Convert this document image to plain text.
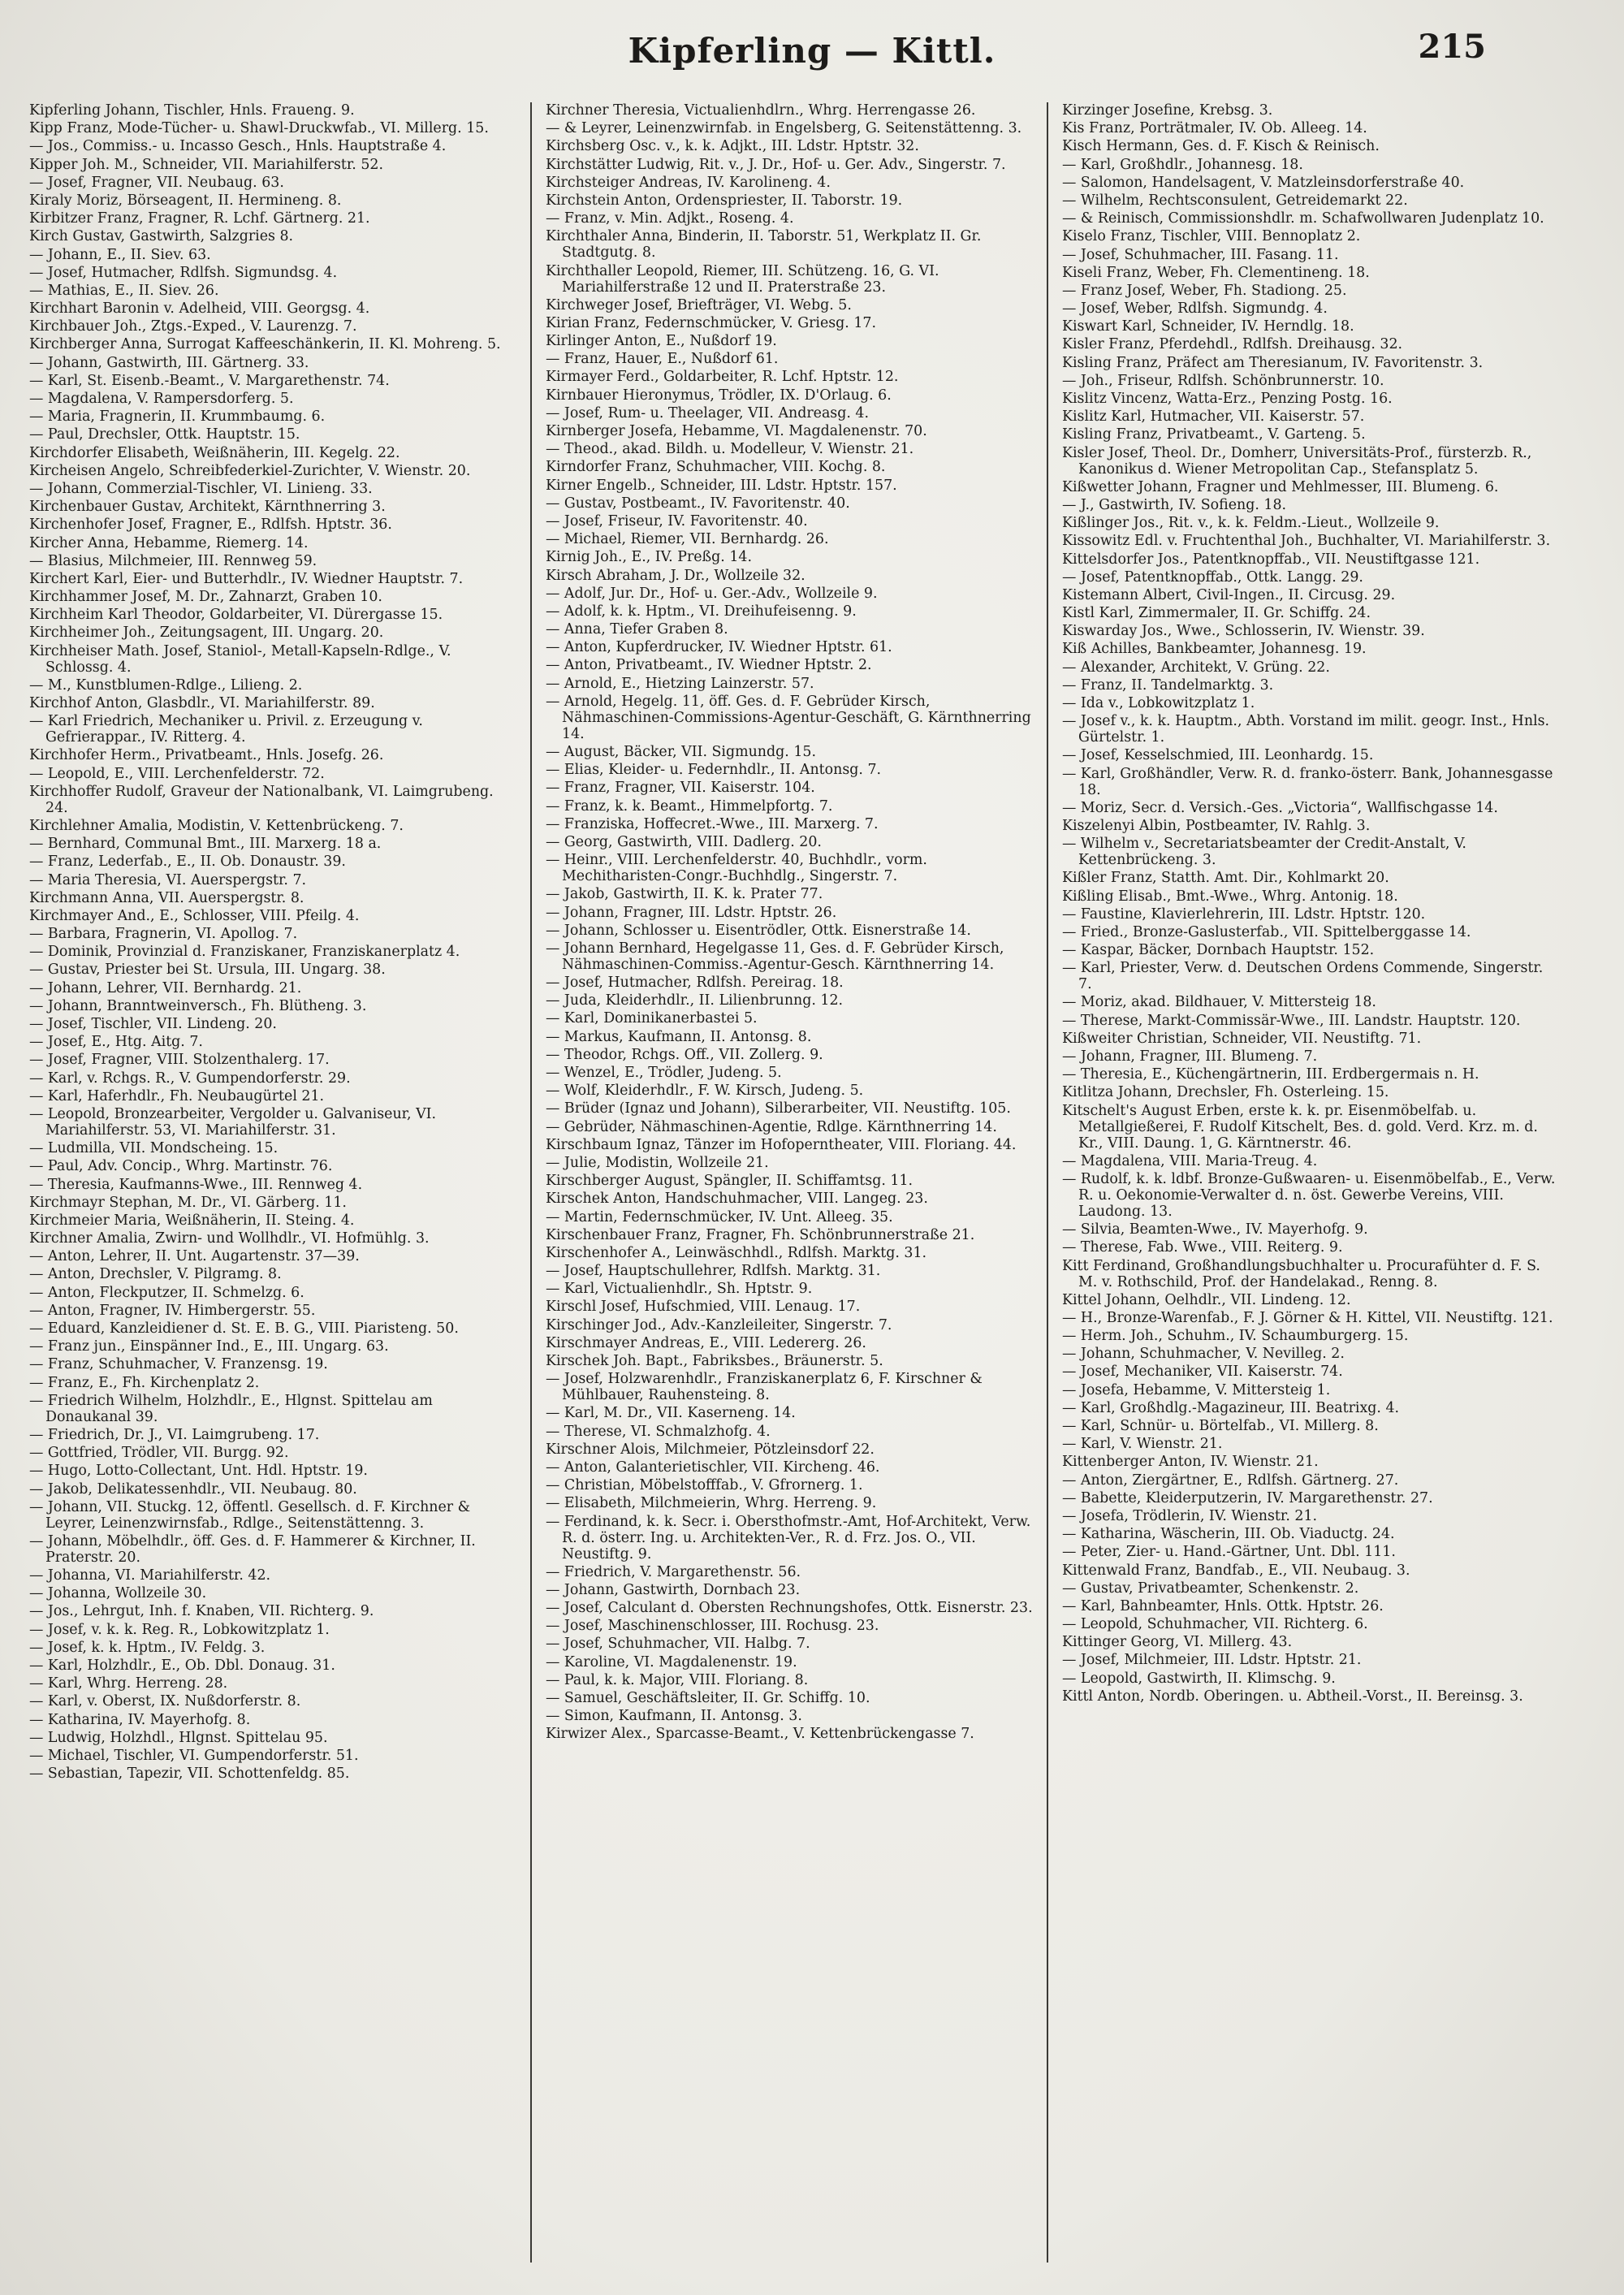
Kipferling — Kittl.	215
Kipferling Johann, Tischler, Hnls. Fraueng. 9.
Kipp Franz, Mode-Tücher- u. Shawl-Druckwfab., VI. Millerg. 15.
— Jos., Commiss.- u. Incasso Gesch., Hnls. Hauptstraße 4.
Kipper Joh. M., Schneider, VII. Mariahilferstr. 52.
— Josef, Fragner, VII. Neubaug. 63.
Kiraly Moriz, Börseagent, II. Hermineng. 8.
Kirbitzer Franz, Fragner, R. Lchf. Gärtnerg. 21.
Kirch Gustav, Gastwirth, Salzgries 8.
— Johann, E., II. Siev. 63.
— Josef, Hutmacher, Rdlfsh. Sigmundsg. 4.
— Mathias, E., II. Siev. 26.
Kirchhart Baronin v. Adelheid, VIII. Georgsg. 4.
Kirchbauer Joh., Ztgs.-Exped., V. Laurenzg. 7.
Kirchberger Anna, Surrogat Kaffeeschänkerin, II. Kl. Mohreng. 5.
— Johann, Gastwirth, III. Gärtnerg. 33.
— Karl, St. Eisenb.-Beamt., V. Margarethenstr. 74.
— Magdalena, V. Rampersdorferg. 5.
— Maria, Fragnerin, II. Krummbaumg. 6.
— Paul, Drechsler, Ottk. Hauptstr. 15.
Kirchdorfer Elisabeth, Weißnäherin, III. Kegelg. 22.
Kircheisen Angelo, Schreibfederkiel-Zurichter, V. Wienstr. 20.
— Johann, Commerzial-Tischler, VI. Linieng. 33.
Kirchenbauer Gustav, Architekt, Kärnthnerring 3.
Kirchenhofer Josef, Fragner, E., Rdlfsh. Hptstr. 36.
Kircher Anna, Hebamme, Riemerg. 14.
— Blasius, Milchmeier, III. Rennweg 59.
Kirchert Karl, Eier- und Butterhdlr., IV. Wiedner Hauptstr. 7.
Kirchhammer Josef, M. Dr., Zahnarzt, Graben 10.
Kirchheim Karl Theodor, Goldarbeiter, VI. Dürergasse 15.
Kirchheimer Joh., Zeitungsagent, III. Ungarg. 20.
Kirchheiser Math. Josef, Staniol-, Metall-Kapseln-Rdlge., V. Schlossg. 4.
— M., Kunstblumen-Rdlge., Lilieng. 2.
Kirchhof Anton, Glasbdlr., VI. Mariahilferstr. 89.
— Karl Friedrich, Mechaniker u. Privil. z. Erzeugung v. Gefrierappar., IV. Ritterg. 4.
Kirchhofer Herm., Privatbeamt., Hnls. Josefg. 26.
— Leopold, E., VIII. Lerchenfelderstr. 72.
Kirchhoffer Rudolf, Graveur der Nationalbank, VI. Laimgrubeng. 24.
Kirchlehner Amalia, Modistin, V. Kettenbrückeng. 7.
— Bernhard, Communal Bmt., III. Marxerg. 18 a.
— Franz, Lederfab., E., II. Ob. Donaustr. 39.
— Maria Theresia, VI. Auerspergstr. 7.
Kirchmann Anna, VII. Auerspergstr. 8.
Kirchmayer And., E., Schlosser, VIII. Pfeilg. 4.
— Barbara, Fragnerin, VI. Apollog. 7.
— Dominik, Provinzial d. Franziskaner, Franziskanerplatz 4.
— Gustav, Priester bei St. Ursula, III. Ungarg. 38.
— Johann, Lehrer, VII. Bernhardg. 21.
— Johann, Branntweinversch., Fh. Blütheng. 3.
— Josef, Tischler, VII. Lindeng. 20.
— Josef, E., Htg. Aitg. 7.
— Josef, Fragner, VIII. Stolzenthalerg. 17.
— Karl, v. Rchgs. R., V. Gumpendorferstr. 29.
— Karl, Haferhdlr., Fh. Neubaugürtel 21.
— Leopold, Bronzearbeiter, Vergolder u. Galvaniseur, VI. Mariahilferstr. 53, VI. Mariahilferstr. 31.
— Ludmilla, VII. Mondscheing. 15.
— Paul, Adv. Concip., Whrg. Martinstr. 76.
— Theresia, Kaufmanns-Wwe., III. Rennweg 4.
Kirchmayr Stephan, M. Dr., VI. Gärberg. 11.
Kirchmeier Maria, Weißnäherin, II. Steing. 4.
Kirchner Amalia, Zwirn- und Wollhdlr., VI. Hofmühlg. 3.
— Anton, Lehrer, II. Unt. Augartenstr. 37—39.
— Anton, Drechsler, V. Pilgramg. 8.
— Anton, Fleckputzer, II. Schmelzg. 6.
— Anton, Fragner, IV. Himbergerstr. 55.
— Eduard, Kanzleidiener d. St. E. B. G., VIII. Piaristeng. 50.
— Franz jun., Einspänner Ind., E., III. Ungarg. 63.
— Franz, Schuhmacher, V. Franzensg. 19.
— Franz, E., Fh. Kirchenplatz 2.
— Friedrich Wilhelm, Holzhdlr., E., Hlgnst. Spittelau am Donaukanal 39.
— Friedrich, Dr. J., VI. Laimgrubeng. 17.
— Gottfried, Trödler, VII. Burgg. 92.
— Hugo, Lotto-Collectant, Unt. Hdl. Hptstr. 19.
— Jakob, Delikatessenhdlr., VII. Neubaug. 80.
— Johann, VII. Stuckg. 12, öffentl. Gesellsch. d. F. Kirchner & Leyrer, Leinenzwirnsfab., Rdlge., Seitenstättenng. 3.
— Johann, Möbelhdlr., öff. Ges. d. F. Hammerer & Kirchner, II. Praterstr. 20.
— Johanna, VI. Mariahilferstr. 42.
— Johanna, Wollzeile 30.
— Jos., Lehrgut, Inh. f. Knaben, VII. Richterg. 9.
— Josef, v. k. k. Reg. R., Lobkowitzplatz 1.
— Josef, k. k. Hptm., IV. Feldg. 3.
— Karl, Holzhdlr., E., Ob. Dbl. Donaug. 31.
— Karl, Whrg. Herreng. 28.
— Karl, v. Oberst, IX. Nußdorferstr. 8.
— Katharina, IV. Mayerhofg. 8.
— Ludwig, Holzhdl., Hlgnst. Spittelau 95.
— Michael, Tischler, VI. Gumpendorferstr. 51.
— Sebastian, Tapezir, VII. Schottenfeldg. 85.
Kirchner Theresia, Victualienhdlrn., Whrg. Herrengasse 26.
— & Leyrer, Leinenzwirnfab. in Engelsberg, G. Seitenstättenng. 3.
Kirchsberg Osc. v., k. k. Adjkt., III. Ldstr. Hptstr. 32.
Kirchstätter Ludwig, Rit. v., J. Dr., Hof- u. Ger. Adv., Singerstr. 7.
Kirchsteiger Andreas, IV. Karolineng. 4.
Kirchstein Anton, Ordenspriester, II. Taborstr. 19.
— Franz, v. Min. Adjkt., Roseng. 4.
Kirchthaler Anna, Binderin, II. Taborstr. 51, Werkplatz II. Gr. Stadtgutg. 8.
Kirchthaller Leopold, Riemer, III. Schützeng. 16, G. VI. Mariahilferstraße 12 und II. Praterstraße 23.
Kirchweger Josef, Briefträger, VI. Webg. 5.
Kirian Franz, Federnschmücker, V. Griesg. 17.
Kirlinger Anton, E., Nußdorf 19.
— Franz, Hauer, E., Nußdorf 61.
Kirmayer Ferd., Goldarbeiter, R. Lchf. Hptstr. 12.
Kirnbauer Hieronymus, Trödler, IX. D'Orlaug. 6.
— Josef, Rum- u. Theelager, VII. Andreasg. 4.
Kirnberger Josefa, Hebamme, VI. Magdalenenstr. 70.
— Theod., akad. Bildh. u. Modelleur, V. Wienstr. 21.
Kirndorfer Franz, Schuhmacher, VIII. Kochg. 8.
Kirner Engelb., Schneider, III. Ldstr. Hptstr. 157.
— Gustav, Postbeamt., IV. Favoritenstr. 40.
— Josef, Friseur, IV. Favoritenstr. 40.
— Michael, Riemer, VII. Bernhardg. 26.
Kirnig Joh., E., IV. Preßg. 14.
Kirsch Abraham, J. Dr., Wollzeile 32.
— Adolf, Jur. Dr., Hof- u. Ger.-Adv., Wollzeile 9.
— Adolf, k. k. Hptm., VI. Dreihufeisenng. 9.
— Anna, Tiefer Graben 8.
— Anton, Kupferdrucker, IV. Wiedner Hptstr. 61.
— Anton, Privatbeamt., IV. Wiedner Hptstr. 2.
— Arnold, E., Hietzing Lainzerstr. 57.
— Arnold, Hegelg. 11, öff. Ges. d. F. Gebrüder Kirsch, Nähmaschinen-Commissions-Agentur-Geschäft, G. Kärnthnerring 14.
— August, Bäcker, VII. Sigmundg. 15.
— Elias, Kleider- u. Federnhdlr., II. Antonsg. 7.
— Franz, Fragner, VII. Kaiserstr. 104.
— Franz, k. k. Beamt., Himmelpfortg. 7.
— Franziska, Hoffecret.-Wwe., III. Marxerg. 7.
— Georg, Gastwirth, VIII. Dadlerg. 20.
— Heinr., VIII. Lerchenfelderstr. 40, Buchhdlr., vorm. Mechitharisten-Congr.-Buchhdlg., Singerstr. 7.
— Jakob, Gastwirth, II. K. k. Prater 77.
— Johann, Fragner, III. Ldstr. Hptstr. 26.
— Johann, Schlosser u. Eisentrödler, Ottk. Eisnerstraße 14.
— Johann Bernhard, Hegelgasse 11, Ges. d. F. Gebrüder Kirsch, Nähmaschinen-Commiss.-Agentur-Gesch. Kärnthnerring 14.
— Josef, Hutmacher, Rdlfsh. Pereirag. 18.
— Juda, Kleiderhdlr., II. Lilienbrunng. 12.
— Karl, Dominikanerbastei 5.
— Markus, Kaufmann, II. Antonsg. 8.
— Theodor, Rchgs. Off., VII. Zollerg. 9.
— Wenzel, E., Trödler, Judeng. 5.
— Wolf, Kleiderhdlr., F. W. Kirsch, Judeng. 5.
— Brüder (Ignaz und Johann), Silberarbeiter, VII. Neustiftg. 105.
— Gebrüder, Nähmaschinen-Agentie, Rdlge. Kärnthnerring 14.
Kirschbaum Ignaz, Tänzer im Hofoperntheater, VIII. Floriang. 44.
— Julie, Modistin, Wollzeile 21.
Kirschberger August, Spängler, II. Schiffamtsg. 11.
Kirschek Anton, Handschuhmacher, VIII. Langeg. 23.
— Martin, Federnschmücker, IV. Unt. Alleeg. 35.
Kirschenbauer Franz, Fragner, Fh. Schönbrunnerstraße 21.
Kirschenhofer A., Leinwäschhdl., Rdlfsh. Marktg. 31.
— Josef, Hauptschullehrer, Rdlfsh. Marktg. 31.
— Karl, Victualienhdlr., Sh. Hptstr. 9.
Kirschl Josef, Hufschmied, VIII. Lenaug. 17.
Kirschinger Jod., Adv.-Kanzleileiter, Singerstr. 7.
Kirschmayer Andreas, E., VIII. Ledererg. 26.
Kirschek Joh. Bapt., Fabriksbes., Bräunerstr. 5.
— Josef, Holzwarenhdlr., Franziskanerplatz 6, F. Kirschner & Mühlbauer, Rauhensteing. 8.
— Karl, M. Dr., VII. Kaserneng. 14.
— Therese, VI. Schmalzhofg. 4.
Kirschner Alois, Milchmeier, Pötzleinsdorf 22.
— Anton, Galanterietischler, VII. Kircheng. 46.
— Christian, Möbelstofffab., V. Gfrornerg. 1.
— Elisabeth, Milchmeierin, Whrg. Herreng. 9.
— Ferdinand, k. k. Secr. i. Obersthofmstr.-Amt, Hof-Architekt, Verw. R. d. österr. Ing. u. Architekten-Ver., R. d. Frz. Jos. O., VII. Neustiftg. 9.
— Friedrich, V. Margarethenstr. 56.
— Johann, Gastwirth, Dornbach 23.
— Josef, Calculant d. Obersten Rechnungshofes, Ottk. Eisnerstr. 23.
— Josef, Maschinenschlosser, III. Rochusg. 23.
— Josef, Schuhmacher, VII. Halbg. 7.
— Karoline, VI. Magdalenenstr. 19.
— Paul, k. k. Major, VIII. Floriang. 8.
— Samuel, Geschäftsleiter, II. Gr. Schiffg. 10.
— Simon, Kaufmann, II. Antonsg. 3.
Kirwizer Alex., Sparcasse-Beamt., V. Kettenbrückengasse 7.
Kirzinger Josefine, Krebsg. 3.
Kis Franz, Porträtmaler, IV. Ob. Alleeg. 14.
Kisch Hermann, Ges. d. F. Kisch & Reinisch.
— Karl, Großhdlr., Johannesg. 18.
— Salomon, Handelsagent, V. Matzleinsdorferstraße 40.
— Wilhelm, Rechtsconsulent, Getreidemarkt 22.
— & Reinisch, Commissionshdlr. m. Schafwollwaren Judenplatz 10.
Kiselo Franz, Tischler, VIII. Bennoplatz 2.
— Josef, Schuhmacher, III. Fasang. 11.
Kiseli Franz, Weber, Fh. Clementineng. 18.
— Franz Josef, Weber, Fh. Stadiong. 25.
— Josef, Weber, Rdlfsh. Sigmundg. 4.
Kiswart Karl, Schneider, IV. Herndlg. 18.
Kisler Franz, Pferdehdl., Rdlfsh. Dreihausg. 32.
Kisling Franz, Präfect am Theresianum, IV. Favoritenstr. 3.
— Joh., Friseur, Rdlfsh. Schönbrunnerstr. 10.
Kislitz Vincenz, Watta-Erz., Penzing Postg. 16.
Kislitz Karl, Hutmacher, VII. Kaiserstr. 57.
Kisling Franz, Privatbeamt., V. Garteng. 5.
Kisler Josef, Theol. Dr., Domherr, Universitäts-Prof., fürsterzb. R., Kanonikus d. Wiener Metropolitan Cap., Stefansplatz 5.
Kißwetter Johann, Fragner und Mehlmesser, III. Blumeng. 6.
— J., Gastwirth, IV. Sofieng. 18.
Kißlinger Jos., Rit. v., k. k. Feldm.-Lieut., Wollzeile 9.
Kissowitz Edl. v. Fruchtenthal Joh., Buchhalter, VI. Mariahilferstr. 3.
Kittelsdorfer Jos., Patentknopffab., VII. Neustiftgasse 121.
— Josef, Patentknopffab., Ottk. Langg. 29.
Kistemann Albert, Civil-Ingen., II. Circusg. 29.
Kistl Karl, Zimmermaler, II. Gr. Schiffg. 24.
Kiswarday Jos., Wwe., Schlosserin, IV. Wienstr. 39.
Kiß Achilles, Bankbeamter, Johannesg. 19.
— Alexander, Architekt, V. Grüng. 22.
— Franz, II. Tandelmarktg. 3.
— Ida v., Lobkowitzplatz 1.
— Josef v., k. k. Hauptm., Abth. Vorstand im milit. geogr. Inst., Hnls. Gürtelstr. 1.
— Josef, Kesselschmied, III. Leonhardg. 15.
— Karl, Großhändler, Verw. R. d. franko-österr. Bank, Johannesgasse 18.
— Moriz, Secr. d. Versich.-Ges. „Victoria“, Wallfischgasse 14.
Kiszelenyi Albin, Postbeamter, IV. Rahlg. 3.
— Wilhelm v., Secretariatsbeamter der Credit-Anstalt, V. Kettenbrückeng. 3.
Kißler Franz, Statth. Amt. Dir., Kohlmarkt 20.
Kißling Elisab., Bmt.-Wwe., Whrg. Antonig. 18.
— Faustine, Klavierlehrerin, III. Ldstr. Hptstr. 120.
— Fried., Bronze-Gaslusterfab., VII. Spittelberggasse 14.
— Kaspar, Bäcker, Dornbach Hauptstr. 152.
— Karl, Priester, Verw. d. Deutschen Ordens Commende, Singerstr. 7.
— Moriz, akad. Bildhauer, V. Mittersteig 18.
— Therese, Markt-Commissär-Wwe., III. Landstr. Hauptstr. 120.
Kißweiter Christian, Schneider, VII. Neustiftg. 71.
— Johann, Fragner, III. Blumeng. 7.
— Theresia, E., Küchengärtnerin, III. Erdbergermais n. H.
Kitlitza Johann, Drechsler, Fh. Osterleing. 15.
Kitschelt's August Erben, erste k. k. pr. Eisenmöbelfab. u. Metallgießerei, F. Rudolf Kitschelt, Bes. d. gold. Verd. Krz. m. d. Kr., VIII. Daung. 1, G. Kärntnerstr. 46.
— Magdalena, VIII. Maria-Treug. 4.
— Rudolf, k. k. ldbf. Bronze-Gußwaaren- u. Eisenmöbelfab., E., Verw. R. u. Oekonomie-Verwalter d. n. öst. Gewerbe Vereins, VIII. Laudong. 13.
— Silvia, Beamten-Wwe., IV. Mayerhofg. 9.
— Therese, Fab. Wwe., VIII. Reiterg. 9.
Kitt Ferdinand, Großhandlungsbuchhalter u. Procurafühter d. F. S. M. v. Rothschild, Prof. der Handelakad., Renng. 8.
Kittel Johann, Oelhdlr., VII. Lindeng. 12.
— H., Bronze-Warenfab., F. J. Görner & H. Kittel, VII. Neustiftg. 121.
— Herm. Joh., Schuhm., IV. Schaumburgerg. 15.
— Johann, Schuhmacher, V. Nevilleg. 2.
— Josef, Mechaniker, VII. Kaiserstr. 74.
— Josefa, Hebamme, V. Mittersteig 1.
— Karl, Großhdlg.-Magazineur, III. Beatrixg. 4.
— Karl, Schnür- u. Börtelfab., VI. Millerg. 8.
— Karl, V. Wienstr. 21.
Kittenberger Anton, IV. Wienstr. 21.
— Anton, Ziergärtner, E., Rdlfsh. Gärtnerg. 27.
— Babette, Kleiderputzerin, IV. Margarethenstr. 27.
— Josefa, Trödlerin, IV. Wienstr. 21.
— Katharina, Wäscherin, III. Ob. Viaductg. 24.
— Peter, Zier- u. Hand.-Gärtner, Unt. Dbl. 111.
Kittenwald Franz, Bandfab., E., VII. Neubaug. 3.
— Gustav, Privatbeamter, Schenkenstr. 2.
— Karl, Bahnbeamter, Hnls. Ottk. Hptstr. 26.
— Leopold, Schuhmacher, VII. Richterg. 6.
Kittinger Georg, VI. Millerg. 43.
— Josef, Milchmeier, III. Ldstr. Hptstr. 21.
— Leopold, Gastwirth, II. Klimschg. 9.
Kittl Anton, Nordb. Oberingen. u. Abtheil.-Vorst., II. Bereinsg. 3.
